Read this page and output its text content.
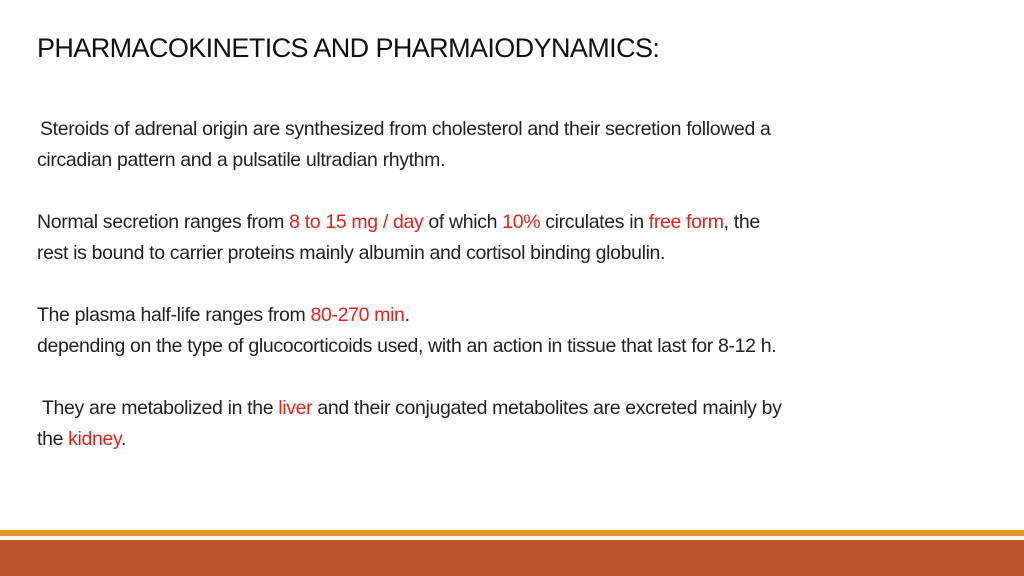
PHARMACOKINETICS AND PHARMAIODYNAMICS:

Steroids of adrenal origin are synthesized from cholesterol and their secretion followed a
circadian pattern and a pulsatile ultradian rhythm.

Normal secretion ranges from 8 to 15 mg / day of which 10% circulates in free form, the
rest is bound to carrier proteins mainly albumin and cortisol binding globulin.

The plasma half-life ranges from 80-270 min.
depending on the type of glucocorticoids used, with an action in tissue that last for 8-12 h.

They are metabolized in the liver and their conjugated metabolites are excreted mainly by
the kidney.
